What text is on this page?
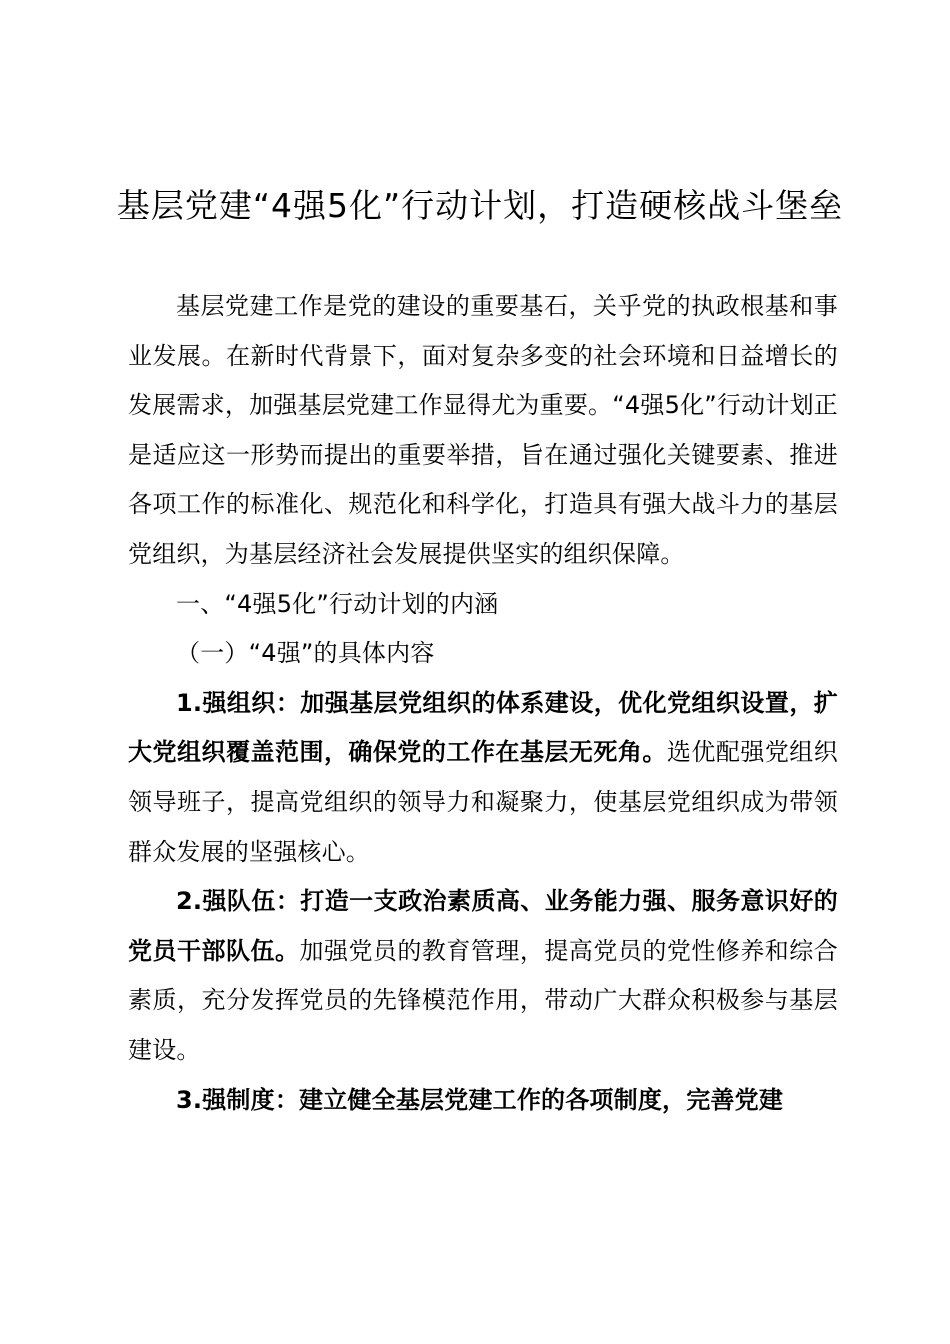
基层党建“4强5化”行动计划，打造硬核战斗堡垒

基层党建工作是党的建设的重要基石，关乎党的执政根基和事业发展。在新时代背景下，面对复杂多变的社会环境和日益增长的发展需求，加强基层党建工作显得尤为重要。“4强5化”行动计划正是适应这一形势而提出的重要举措，旨在通过强化关键要素、推进各项工作的标准化、规范化和科学化，打造具有强大战斗力的基层党组织，为基层经济社会发展提供坚实的组织保障。

一、“4强5化”行动计划的内涵

（一）“4强”的具体内容

1.强组织：加强基层党组织的体系建设，优化党组织设置，扩大党组织覆盖范围，确保党的工作在基层无死角。选优配强党组织领导班子，提高党组织的领导力和凝聚力，使基层党组织成为带领群众发展的坚强核心。

2.强队伍：打造一支政治素质高、业务能力强、服务意识好的党员干部队伍。加强党员的教育管理，提高党员的党性修养和综合素质，充分发挥党员的先锋模范作用，带动广大群众积极参与基层建设。

3.强制度：建立健全基层党建工作的各项制度，完善党建
